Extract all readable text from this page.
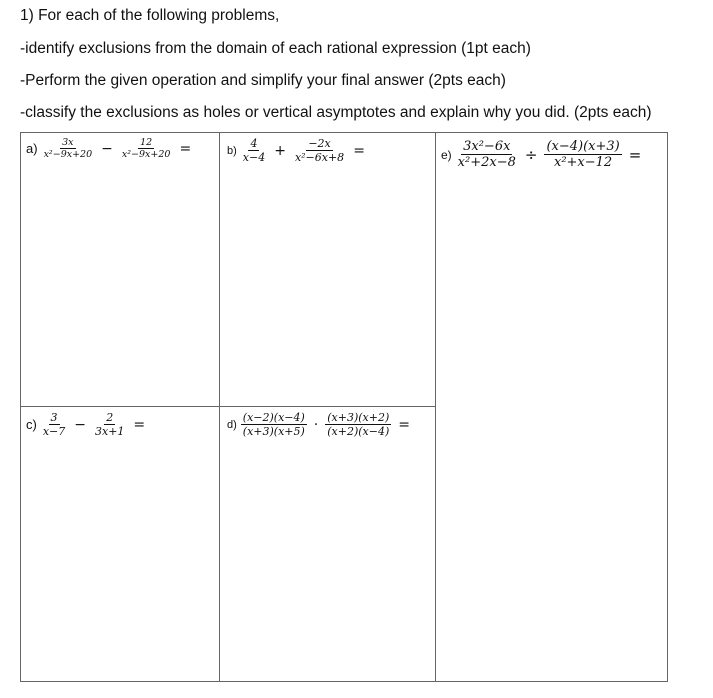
1) For each of the following problems,
-identify exclusions from the domain of each rational expression (1pt each)
-Perform the given operation and simplify your final answer (2pts each)
-classify the exclusions as holes or vertical asymptotes and explain why you did. (2pts each)
$a) \frac{3x}{\text{x²−9x+20}} - \frac{12}{\text{x²−9x+20}}$ =	$b) \frac{4}{x-4} + \frac{-2x}{\text{x²−6x+8}}$ =	$e) \frac{\text{3x²−6x}}{\text{x²+2x−8}} \div \frac{(x-4)(x+3)}{\text{x²+x−12}}$ =
$c) \frac{3}{x-7} - \frac{2}{3x+1}$ =	$d) \frac{(x-2)(x-4)}{(x+3)(x+5)} \cdot \frac{(x+3)(x+2)}{(x+2)(x-4)}$ =
